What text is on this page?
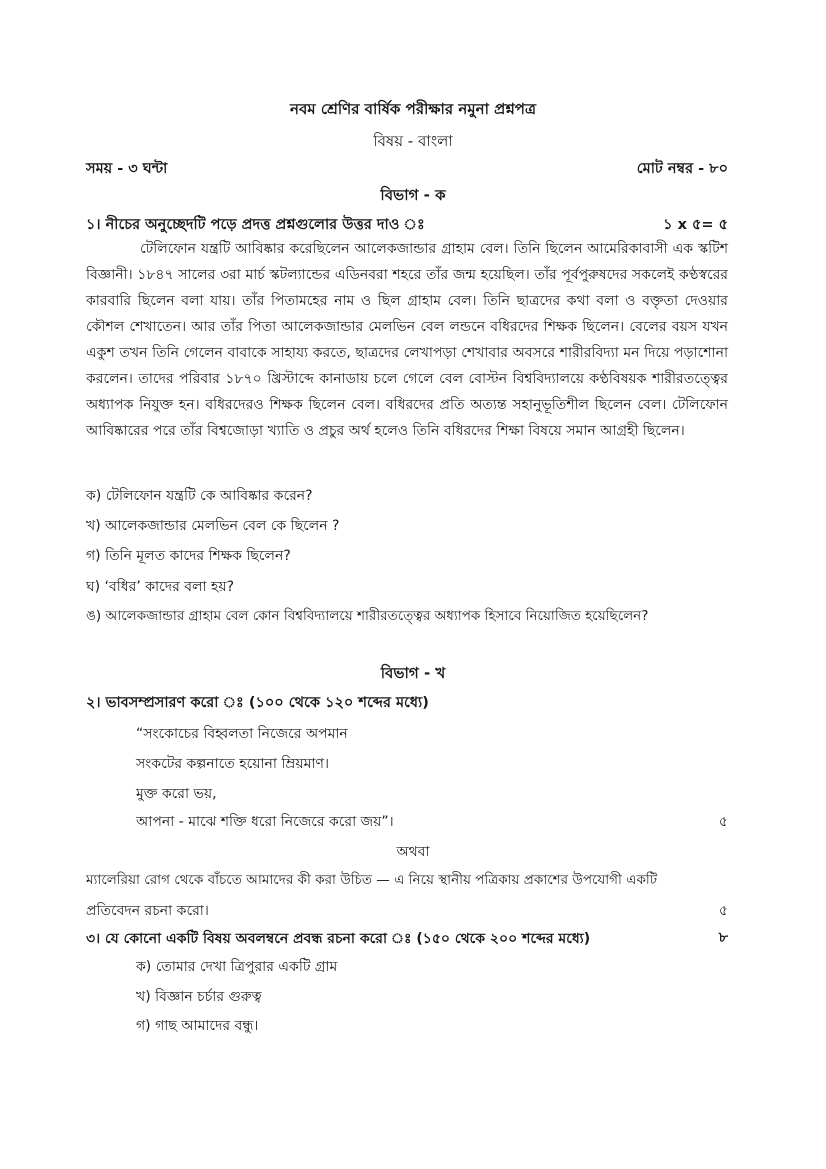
নবম শ্রেণির বার্ষিক পরীক্ষার নমুনা প্রশ্নপত্র
বিষয় - বাংলা
সময় - ৩ ঘন্টা	মোট নম্বর - ৮০
বিভাগ - ক
১। নীচের অনুচ্ছেদটি পড়ে প্রদত্ত প্রশ্নগুলোর উত্তর দাও ঃ	১ x ৫= ৫

টেলিফোন যন্ত্রটি আবিষ্কার করেছিলেন আলেকজান্ডার গ্রাহাম বেল। তিনি ছিলেন আমেরিকাবাসী এক স্কটিশ বিজ্ঞানী। ১৮৪৭ সালের ৩রা মার্চ স্কটল্যান্ডের এডিনবরা শহরে তাঁর জন্ম হয়েছিল। তাঁর পূর্বপুরুষদের সকলেই কণ্ঠস্বরের কারবারি ছিলেন বলা যায়। তাঁর পিতামহের নাম ও ছিল গ্রাহাম বেল। তিনি ছাত্রদের কথা বলা ও বক্তৃতা দেওয়ার কৌশল শেখাতেন। আর তাঁর পিতা আলেকজান্ডার মেলভিন বেল লন্ডনে বধিরদের শিক্ষক ছিলেন। বেলের বয়স যখন একুশ তখন তিনি গেলেন বাবাকে সাহায্য করতে, ছাত্রদের লেখাপড়া শেখাবার অবসরে শারীরবিদ্যা মন দিয়ে পড়াশোনা করলেন। তাদের পরিবার ১৮৭০ খ্রিস্টাব্দে কানাডায় চলে গেলে বেল বোস্টন বিশ্ববিদ্যালয়ে কণ্ঠবিষয়ক শারীরতত্ত্বের অধ্যাপক নিযুক্ত হন। বধিরদেরও শিক্ষক ছিলেন বেল। বধিরদের প্রতি অত্যন্ত সহানুভূতিশীল ছিলেন বেল। টেলিফোন আবিষ্কারের পরে তাঁর বিশ্বজোড়া খ্যাতি ও প্রচুর অর্থ হলেও তিনি বধিরদের শিক্ষা বিষয়ে সমান আগ্রহী ছিলেন।

ক) টেলিফোন যন্ত্রটি কে আবিষ্কার করেন?
খ) আলেকজান্ডার মেলভিন বেল কে ছিলেন ?
গ) তিনি মূলত কাদের শিক্ষক ছিলেন?
ঘ) ‘বধির’ কাদের বলা হয়?
ঙ) আলেকজান্ডার গ্রাহাম বেল কোন বিশ্ববিদ্যালয়ে শারীরতত্ত্বের অধ্যাপক হিসাবে নিয়োজিত হয়েছিলেন?
বিভাগ - খ
২। ভাবসম্প্রসারণ করো ঃ (১০০ থেকে ১২০ শব্দের মধ্যে)
“সংকোচের বিহ্বলতা নিজেরে অপমান
সংকটের কল্পনাতে হয়োনা ম্রিয়মাণ।
মুক্ত করো ভয়,
আপনা - মাঝে শক্তি ধরো নিজেরে করো জয়”।	৫
অথবা
ম্যালেরিয়া রোগ থেকে বাঁচতে আমাদের কী করা উচিত — এ নিয়ে স্থানীয় পত্রিকায় প্রকাশের উপযোগী একটি
প্রতিবেদন রচনা করো।	৫
৩। যে কোনো একটি বিষয় অবলম্বনে প্রবন্ধ রচনা করো ঃ (১৫০ থেকে ২০০ শব্দের মধ্যে)	৮
ক) তোমার দেখা ত্রিপুরার একটি গ্রাম
খ) বিজ্ঞান চর্চার গুরুত্ব
গ) গাছ আমাদের বন্ধু।
